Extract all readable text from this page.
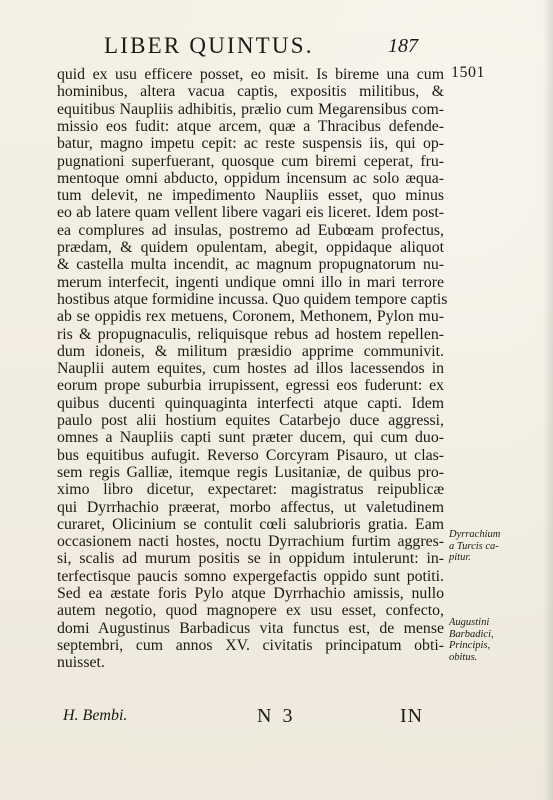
LIBER QUINTUS.	187
1501
quid ex usu efficere posset, eo misit. Is bireme una cum
hominibus, altera vacua captis, expositis militibus, &
equitibus Naupliis adhibitis, prælio cum Megarensibus com-
missio eos fudit: atque arcem, quæ a Thracibus defende-
batur, magno impetu cepit: ac reste suspensis iis, qui op-
pugnationi superfuerant, quosque cum biremi ceperat, fru-
mentoque omni abducto, oppidum incensum ac solo æqua-
tum delevit, ne impedimento Naupliis esset, quo minus
eo ab latere quam vellent libere vagari eis liceret. Idem post-
ea complures ad insulas, postremo ad Eubœam profectus,
prædam, & quidem opulentam, abegit, oppidaque aliquot
& castella multa incendit, ac magnum propugnatorum nu-
merum interfecit, ingenti undique omni illo in mari terrore
hostibus atque formidine incussa. Quo quidem tempore captis
ab se oppidis rex metuens, Coronem, Methonem, Pylon mu-
ris & propugnaculis, reliquisque rebus ad hostem repellen-
dum idoneis, & militum præsidio apprime communivit.
Nauplii autem equites, cum hostes ad illos lacessendos in
eorum prope suburbia irrupissent, egressi eos fuderunt: ex
quibus ducenti quinquaginta interfecti atque capti. Idem
paulo post alii hostium equites Catarbejo duce aggressi,
omnes a Naupliis capti sunt præter ducem, qui cum duo-
bus equitibus aufugit. Reverso Corcyram Pisauro, ut clas-
sem regis Galliæ, itemque regis Lusitaniæ, de quibus pro-
ximo libro dicetur, expectaret: magistratus reipublicæ
qui Dyrrhachio præerat, morbo affectus, ut valetudinem
curaret, Olicinium se contulit cœli salubrioris gratia. Eam
occasionem nacti hostes, noctu Dyrrachium furtim aggres-
si, scalis ad murum positis se in oppidum intulerunt: in-
terfectisque paucis somno expergefactis oppido sunt potiti.
Sed ea æstate foris Pylo atque Dyrrhachio amissis, nullo
autem negotio, quod magnopere ex usu esset, confecto,
domi Augustinus Barbadicus vita functus est, de mense
septembri, cum annos XV. civitatis principatum obti-
nuisset.
Dyrrachium
a Turcis ca-
pitur.
Augustini
Barbadici,
Principis,
obitus.
H. Bembi.	N 3	IN
